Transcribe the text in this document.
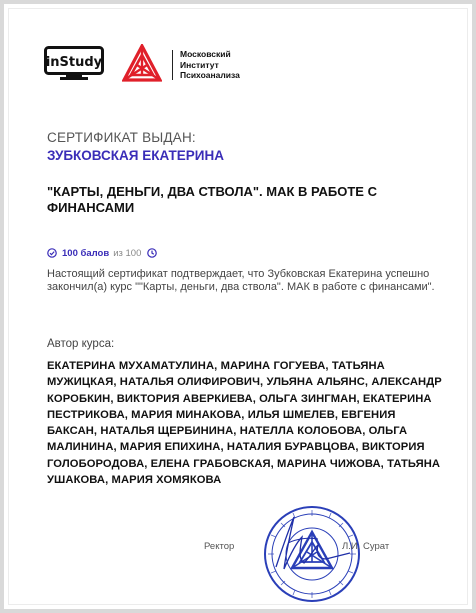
inStudy
Московский
Институт
Психоанализа
СЕРТИФИКАТ ВЫДАН:
ЗУБКОВСКАЯ ЕКАТЕРИНА
"КАРТЫ, ДЕНЬГИ, ДВА СТВОЛА". МАК В РАБОТЕ С ФИНАНСАМИ
100 балов из 100
Настоящий сертификат подтверждает, что Зубковская Екатерина успешно закончил(а) курс ""Карты, деньги, два ствола". МАК в работе с финансами".
Автор курса:
ЕКАТЕРИНА МУХАМАТУЛИНА, МАРИНА ГОГУЕВА, ТАТЬЯНА МУЖИЦКАЯ, НАТАЛЬЯ ОЛИФИРОВИЧ, УЛЬЯНА АЛЬЯНС, АЛЕКСАНДР КОРОБКИН, ВИКТОРИЯ АВЕРКИЕВА, ОЛЬГА ЗИНГМАН, ЕКАТЕРИНА ПЕСТРИКОВА, МАРИЯ МИНАКОВА, ИЛЬЯ ШМЕЛЕВ, ЕВГЕНИЯ БАКСАН, НАТАЛЬЯ ЩЕРБИНИНА, НАТЕЛЛА КОЛОБОВА, ОЛЬГА МАЛИНИНА, МАРИЯ ЕПИХИНА, НАТАЛИЯ БУРАВЦОВА, ВИКТОРИЯ ГОЛОБОРОДОВА, ЕЛЕНА ГРАБОВСКАЯ, МАРИНА ЧИЖОВА, ТАТЬЯНА УШАКОВА, МАРИЯ ХОМЯКОВА
Ректор	Л.И. Сурат
